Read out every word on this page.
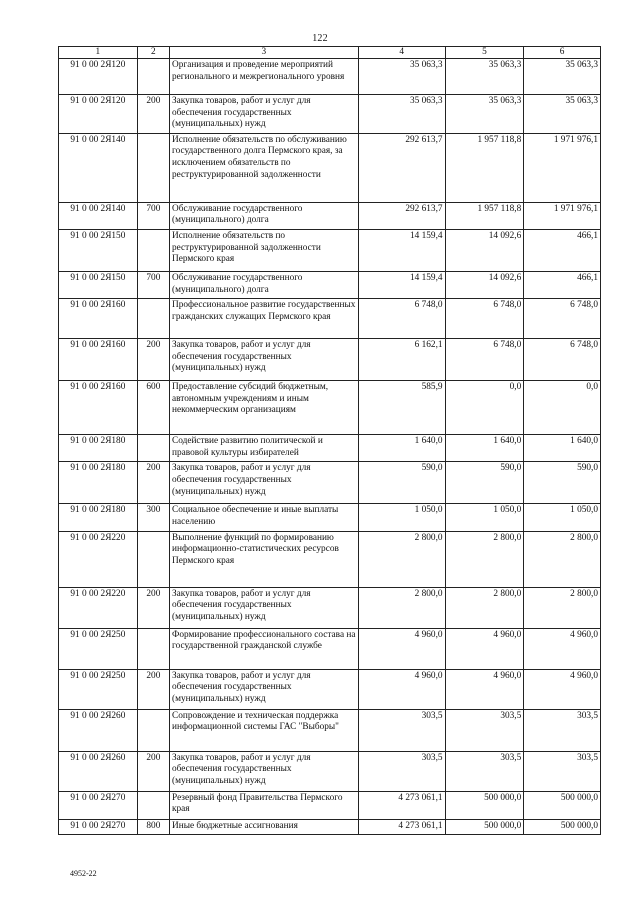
122
1	2	3	4	5	6
91 0 00 2Я120		Организация и проведение мероприятий регионального и межрегионального уровня	35 063,3	35 063,3	35 063,3
91 0 00 2Я120	200	Закупка товаров, работ и услуг для обеспечения государственных (муниципальных) нужд	35 063,3	35 063,3	35 063,3
91 0 00 2Я140		Исполнение обязательств по обслуживанию государственного долга Пермского края, за исключением обязательств по реструктурированной задолженности	292 613,7	1 957 118,8	1 971 976,1
91 0 00 2Я140	700	Обслуживание государственного (муниципального) долга	292 613,7	1 957 118,8	1 971 976,1
91 0 00 2Я150		Исполнение обязательств по реструктурированной задолженности Пермского края	14 159,4	14 092,6	466,1
91 0 00 2Я150	700	Обслуживание государственного (муниципального) долга	14 159,4	14 092,6	466,1
91 0 00 2Я160		Профессиональное развитие государственных гражданских служащих Пермского края	6 748,0	6 748,0	6 748,0
91 0 00 2Я160	200	Закупка товаров, работ и услуг для обеспечения государственных (муниципальных) нужд	6 162,1	6 748,0	6 748,0
91 0 00 2Я160	600	Предоставление субсидий бюджетным, автономным учреждениям и иным некоммерческим организациям	585,9	0,0	0,0
91 0 00 2Я180		Содействие развитию политической и правовой культуры избирателей	1 640,0	1 640,0	1 640,0
91 0 00 2Я180	200	Закупка товаров, работ и услуг для обеспечения государственных (муниципальных) нужд	590,0	590,0	590,0
91 0 00 2Я180	300	Социальное обеспечение и иные выплаты населению	1 050,0	1 050,0	1 050,0
91 0 00 2Я220		Выполнение функций по формированию информационно-статистических ресурсов Пермского края	2 800,0	2 800,0	2 800,0
91 0 00 2Я220	200	Закупка товаров, работ и услуг для обеспечения государственных (муниципальных) нужд	2 800,0	2 800,0	2 800,0
91 0 00 2Я250		Формирование профессионального состава на государственной гражданской службе	4 960,0	4 960,0	4 960,0
91 0 00 2Я250	200	Закупка товаров, работ и услуг для обеспечения государственных (муниципальных) нужд	4 960,0	4 960,0	4 960,0
91 0 00 2Я260		Сопровождение и техническая поддержка информационной системы ГАС "Выборы"	303,5	303,5	303,5
91 0 00 2Я260	200	Закупка товаров, работ и услуг для обеспечения государственных (муниципальных) нужд	303,5	303,5	303,5
91 0 00 2Я270		Резервный фонд Правительства Пермского края	4 273 061,1	500 000,0	500 000,0
91 0 00 2Я270	800	Иные бюджетные ассигнования	4 273 061,1	500 000,0	500 000,0
4952-22
